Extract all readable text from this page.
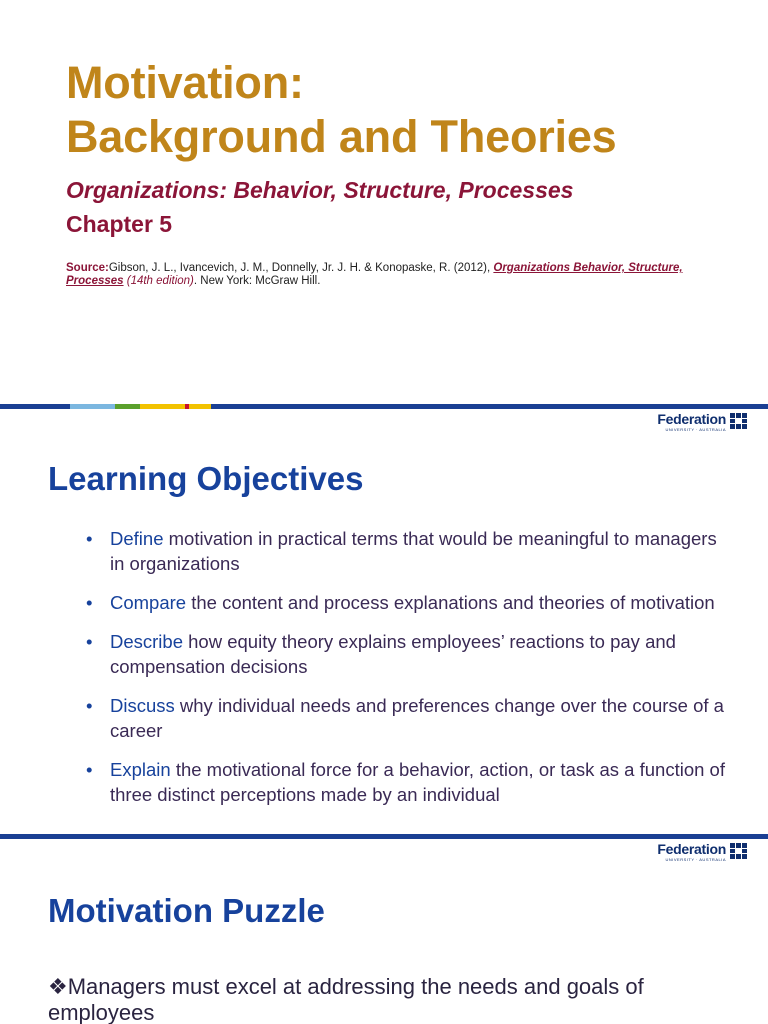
Motivation:
Background and Theories

Organizations: Behavior, Structure, Processes

Chapter 5

Source:Gibson, J. L., Ivancevich, J. M., Donnelly, Jr. J. H. & Konopaske, R. (2012), Organizations Behavior, Structure, Processes (14th edition). New York: McGraw Hill.

Federation
UNIVERSITY · AUSTRALIA
Learning Objectives
• Define motivation in practical terms that would be meaningful to managers in organizations
• Compare the content and process explanations and theories of motivation
• Describe how equity theory explains employees’ reactions to pay and compensation decisions
• Discuss why individual needs and preferences change over the course of a career
• Explain the motivational force for a behavior, action, or task as a function of three distinct perceptions made by an individual
Federation
UNIVERSITY · AUSTRALIA
Motivation Puzzle

❖Managers must excel at addressing the needs and goals of employees
